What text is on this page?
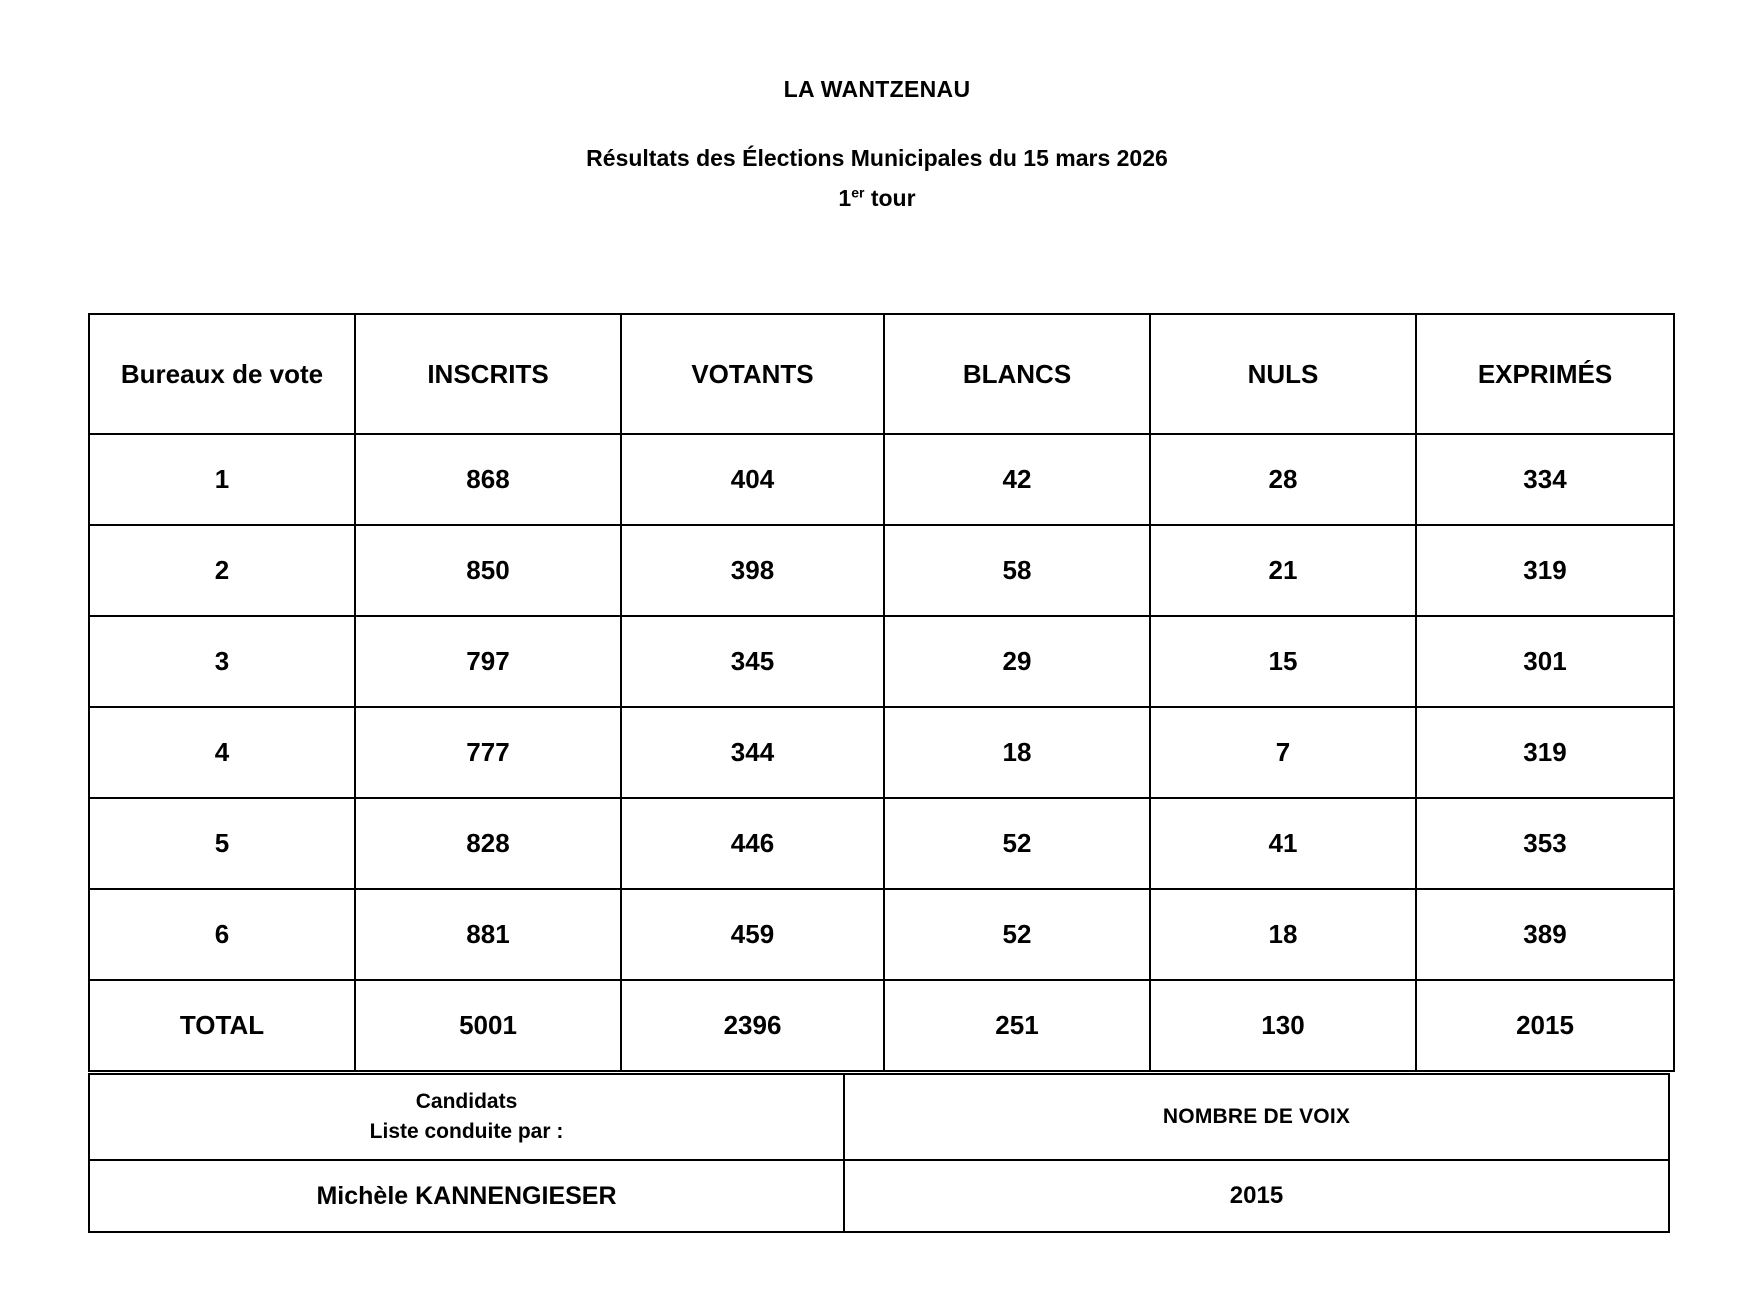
LA WANTZENAU
Résultats des Élections Municipales du 15 mars 2026
1er tour
Bureaux de vote	INSCRITS	VOTANTS	BLANCS	NULS	EXPRIMÉS
1	868	404	42	28	334
2	850	398	58	21	319
3	797	345	29	15	301
4	777	344	18	7	319
5	828	446	52	41	353
6	881	459	52	18	389
TOTAL	5001	2396	251	130	2015
Candidats
Liste conduite par :	NOMBRE DE VOIX
Michèle KANNENGIESER	2015
